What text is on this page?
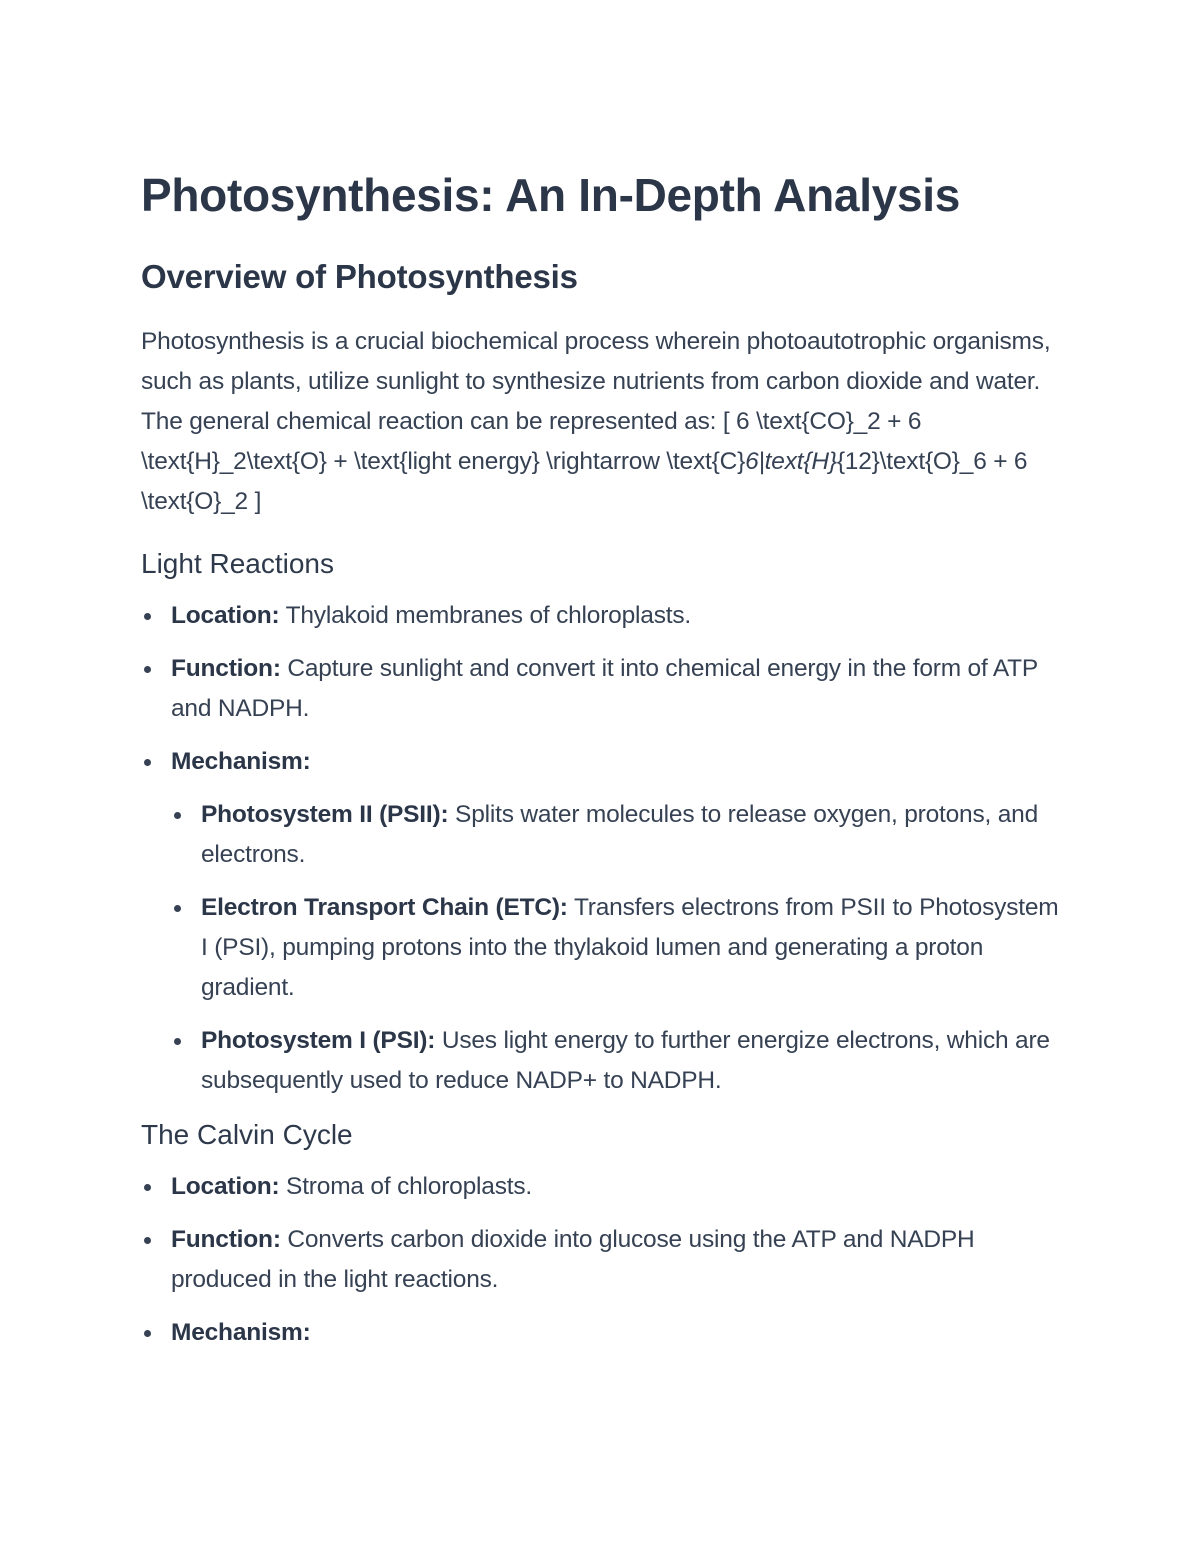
Photosynthesis: An In-Depth Analysis
Overview of Photosynthesis

Photosynthesis is a crucial biochemical process wherein photoautotrophic organisms, such as plants, utilize sunlight to synthesize nutrients from carbon dioxide and water. The general chemical reaction can be represented as: [ 6 \text{CO}_2 + 6 \text{H}_2\text{O} + \text{light energy} \rightarrow \text{C}6|text{H}{12}\text{O}_6 + 6 \text{O}_2 ]

Light Reactions
Location: Thylakoid membranes of chloroplasts.
Function: Capture sunlight and convert it into chemical energy in the form of ATP and NADPH.
Mechanism:
Photosystem II (PSII): Splits water molecules to release oxygen, protons, and electrons.
Electron Transport Chain (ETC): Transfers electrons from PSII to Photosystem I (PSI), pumping protons into the thylakoid lumen and generating a proton gradient.
Photosystem I (PSI): Uses light energy to further energize electrons, which are subsequently used to reduce NADP+ to NADPH.
The Calvin Cycle
Location: Stroma of chloroplasts.
Function: Converts carbon dioxide into glucose using the ATP and NADPH produced in the light reactions.
Mechanism:
